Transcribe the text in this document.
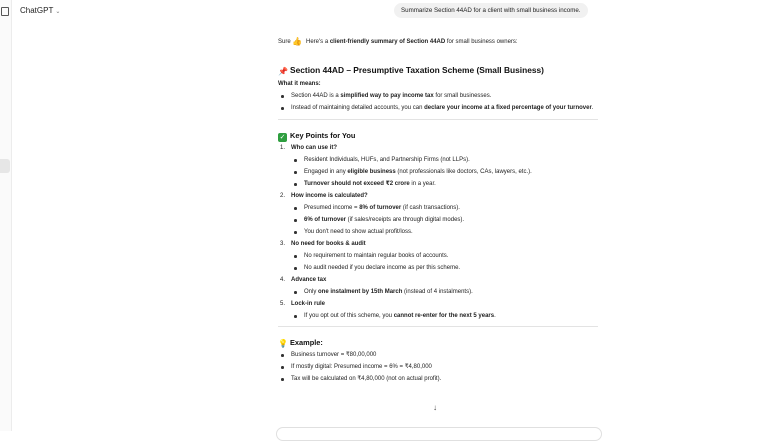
ChatGPT ⌄	Summarize Section 44AD for a client with small business income.

Sure 👍 Here's a client-friendly summary of Section 44AD for small business owners:

📌 Section 44AD – Presumptive Taxation Scheme (Small Business)

What it means:

Section 44AD is a simplified way to pay income tax for small businesses.
Instead of maintaining detailed accounts, you can declare your income at a fixed percentage of your turnover.
✓ Key Points for You
1. Who can use it?
Resident Individuals, HUFs, and Partnership Firms (not LLPs).
Engaged in any eligible business (not professionals like doctors, CAs, lawyers, etc.).
Turnover should not exceed ₹2 crore in a year.
2. How income is calculated?
Presumed income = 8% of turnover (if cash transactions).
6% of turnover (if sales/receipts are through digital modes).
You don't need to show actual profit/loss.
3. No need for books & audit
No requirement to maintain regular books of accounts.
No audit needed if you declare income as per this scheme.
4. Advance tax
Only one instalment by 15th March (instead of 4 instalments).
5. Lock-in rule
If you opt out of this scheme, you cannot re-enter for the next 5 years.
💡 Example:
Business turnover = ₹80,00,000
If mostly digital: Presumed income = 6% = ₹4,80,000
Tax will be calculated on ₹4,80,000 (not on actual profit).
↓
